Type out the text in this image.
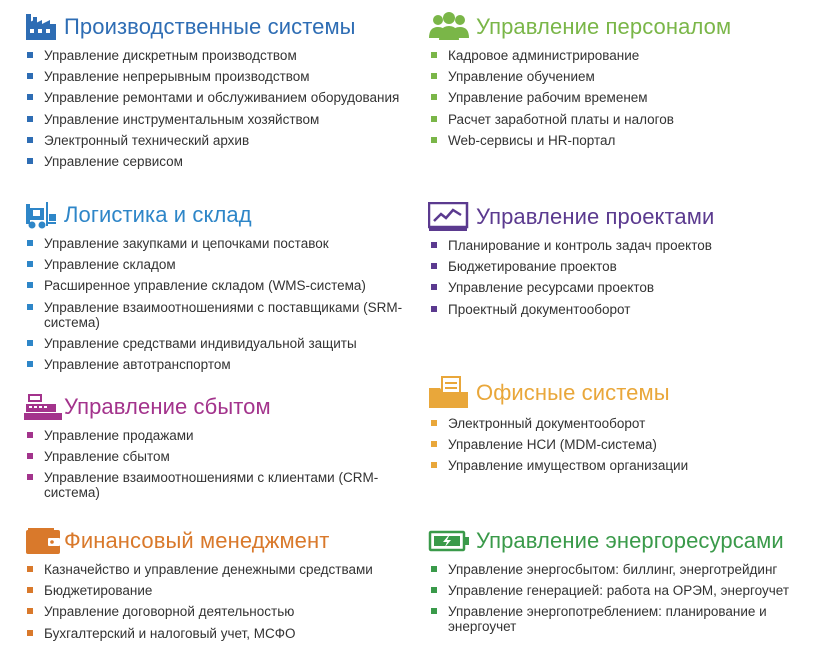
Производственные системы
Управление дискретным производством
Управление непрерывным производством
Управление ремонтами и обслуживанием оборудования
Управление инструментальным хозяйством
Электронный технический архив
Управление сервисом
Логистика и склад
Управление закупками и цепочками поставок
Управление складом
Расширенное управление складом (WMS-система)
Управление взаимоотношениями с поставщиками (SRM-система)
Управление средствами индивидуальной защиты
Управление автотранспортом
Управление сбытом
Управление продажами
Управление сбытом
Управление взаимоотношениями с клиентами (CRM-система)
Финансовый менеджмент
Казначейство и управление денежными средствами
Бюджетирование
Управление договорной деятельностью
Бухгалтерский и налоговый учет, МСФО
Управление персоналом
Кадровое администрирование
Управление обучением
Управление рабочим временем
Расчет заработной платы и налогов
Web-сервисы и HR-портал
Управление проектами
Планирование и контроль задач проектов
Бюджетирование проектов
Управление ресурсами проектов
Проектный документооборот
Офисные системы
Электронный документооборот
Управление НСИ (MDM-система)
Управление имуществом организации
Управление энергоресурсами
Управление энергосбытом: биллинг, энерготрейдинг
Управление генерацией: работа на ОРЭМ, энергоучет
Управление энергопотреблением: планирование и энергоучет
